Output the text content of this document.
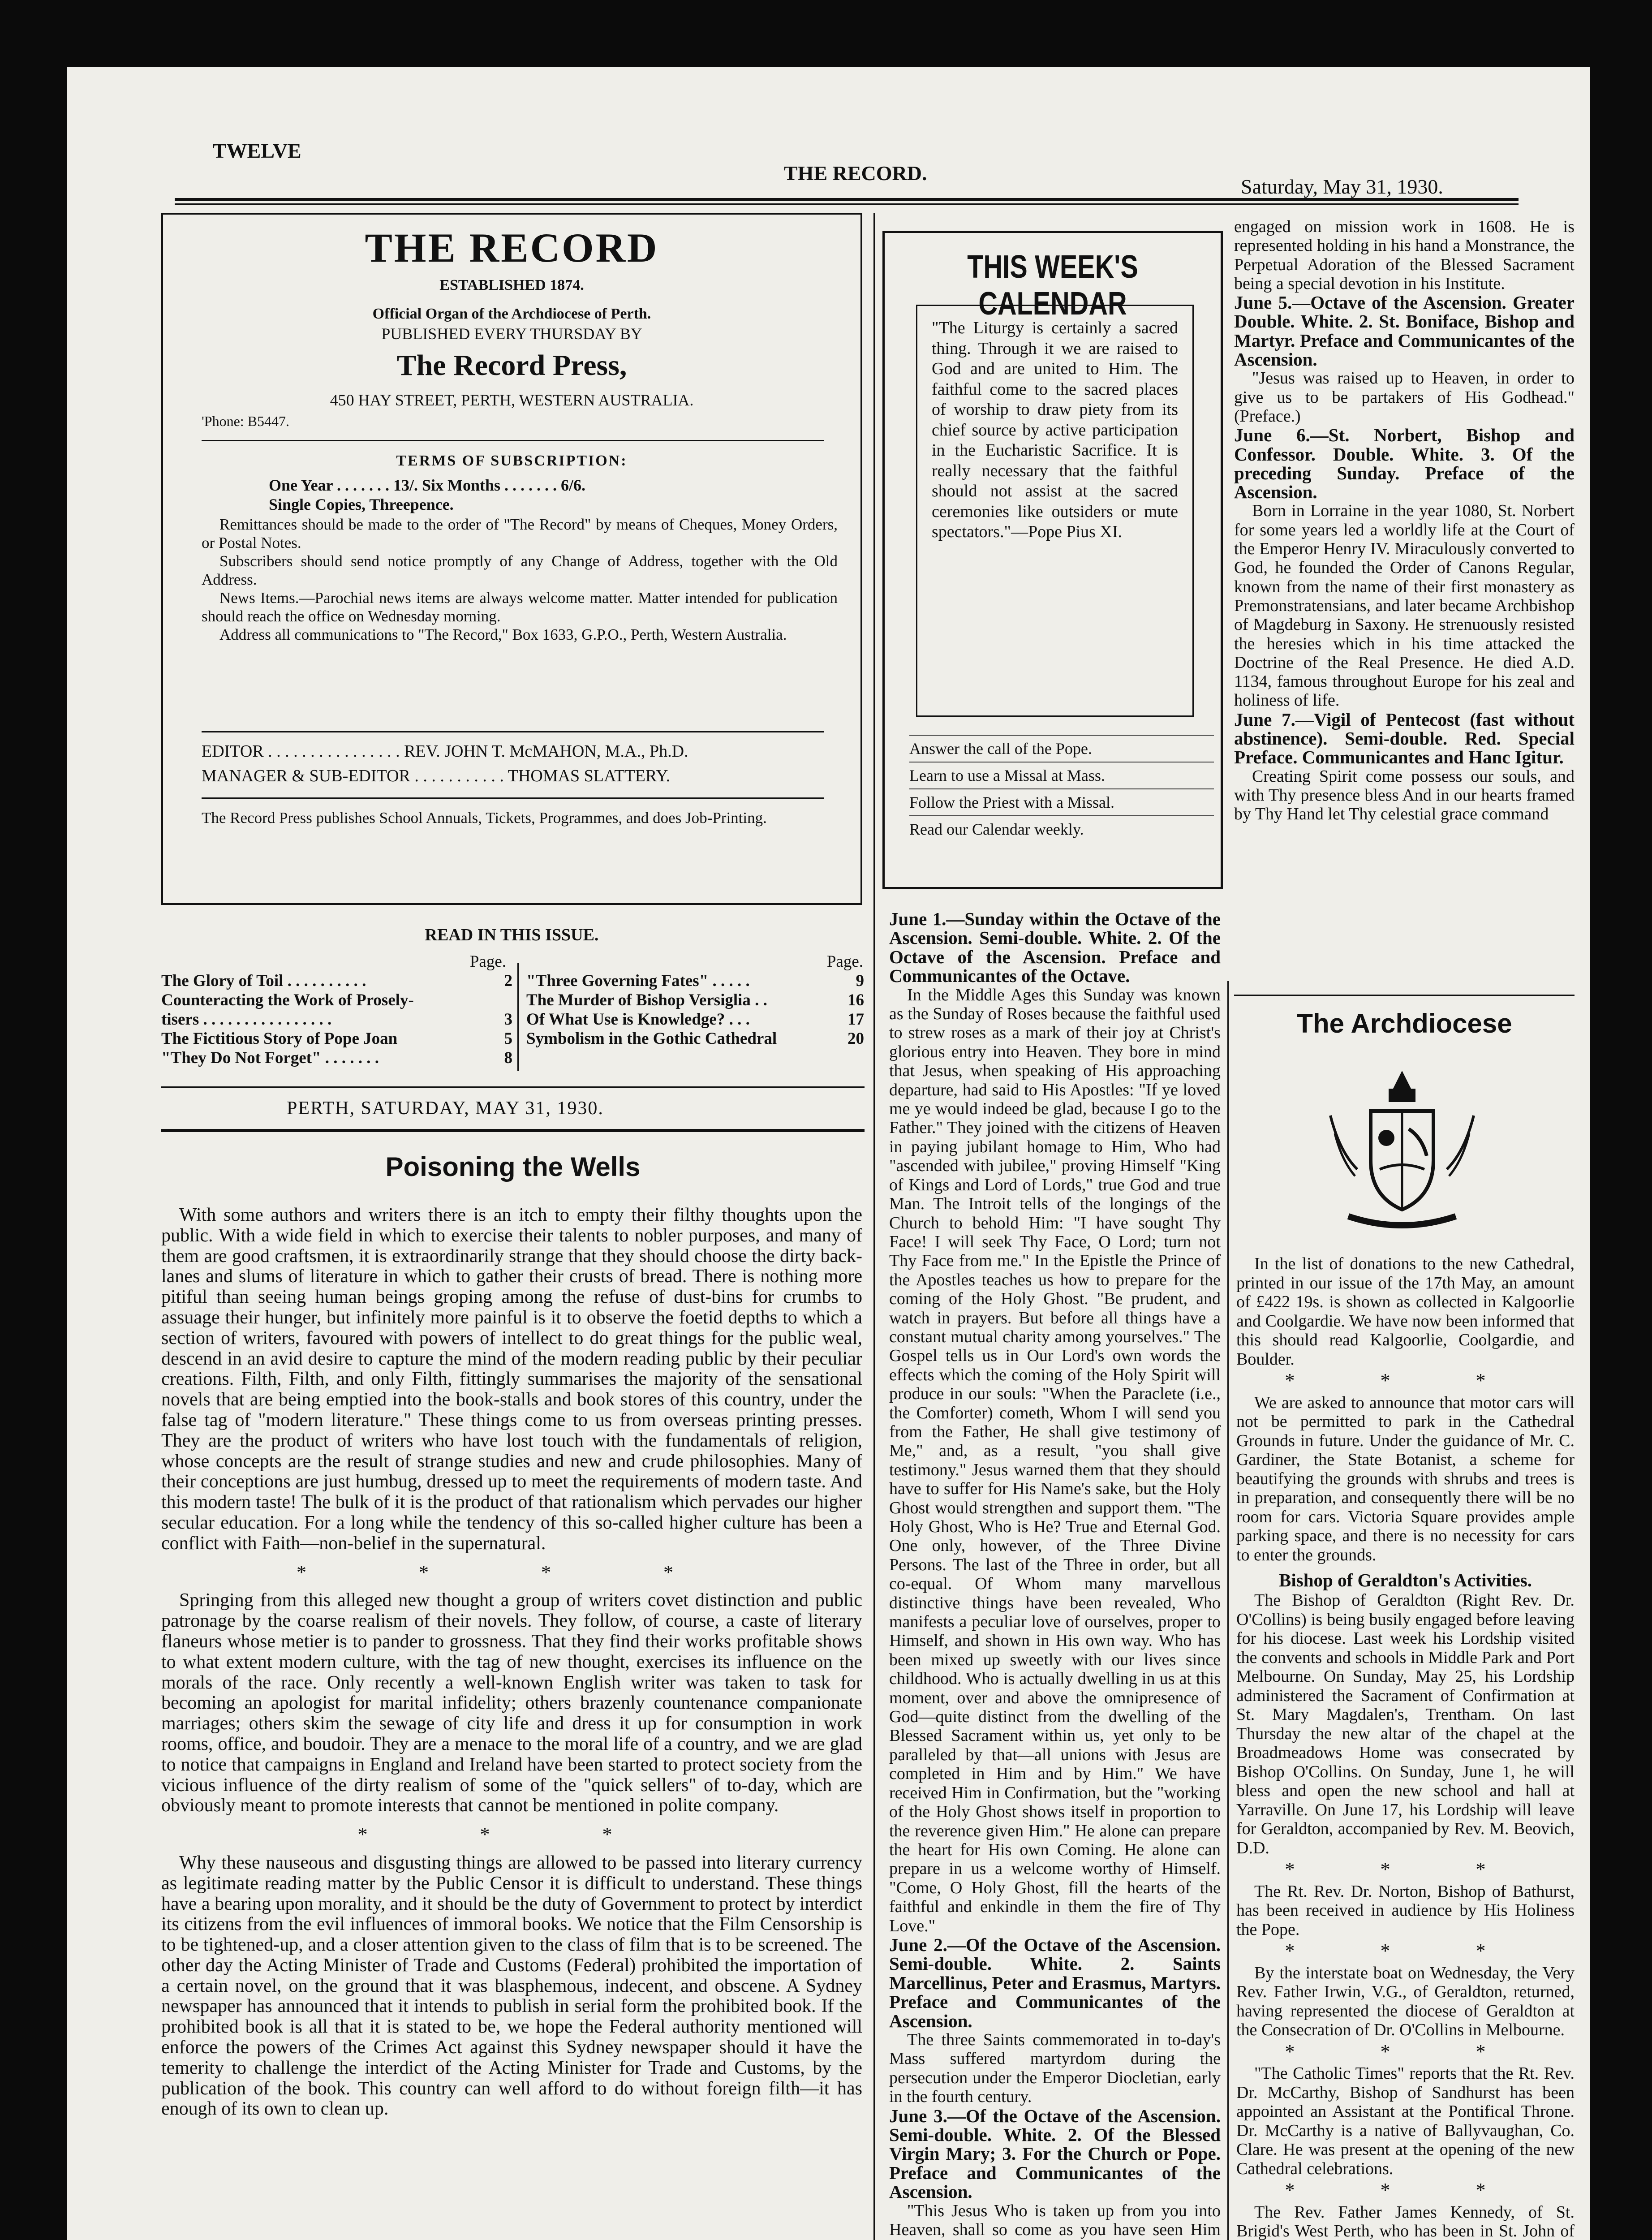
TWELVE
THE RECORD.
Saturday, May 31, 1930.
THE RECORD
ESTABLISHED 1874.
Official Organ of the Archdiocese of Perth.
PUBLISHED EVERY THURSDAY BY
The Record Press,
450 HAY STREET, PERTH, WESTERN AUSTRALIA.
'Phone: B5447.
TERMS OF SUBSCRIPTION:
One Year . . . . . . . 13/. Six Months . . . . . . . 6/6.
Single Copies, Threepence.

Remittances should be made to the order of "The Record" by means of Cheques, Money Orders, or Postal Notes.

Subscribers should send notice promptly of any Change of Address, together with the Old Address.

News Items.—Parochial news items are always welcome matter. Matter intended for publication should reach the office on Wednesday morning.

Address all communications to "The Record," Box 1633, G.P.O., Perth, Western Australia.

EDITOR . . . . . . . . . . . . . . . . REV. JOHN T. McMAHON, M.A., Ph.D.
MANAGER & SUB-EDITOR . . . . . . . . . . . THOMAS SLATTERY.
The Record Press publishes School Annuals, Tickets, Programmes, and does Job-Printing.
READ IN THIS ISSUE.
Page.
The Glory of Toil . . . . . . . . . .	2
Counteracting the Work of Prosely-	
tisers . . . . . . . . . . . . . . . .	3
The Fictitious Story of Pope Joan	5
"They Do Not Forget" . . . . . . .	8
Page.
"Three Governing Fates" . . . . .	9
The Murder of Bishop Versiglia . .	16
Of What Use is Knowledge? . . .	17
Symbolism in the Gothic Cathedral	20
PERTH, SATURDAY, MAY 31, 1930.
Poisoning the Wells

With some authors and writers there is an itch to empty their filthy thoughts upon the public. With a wide field in which to exercise their talents to nobler purposes, and many of them are good craftsmen, it is extraordinarily strange that they should choose the dirty back-lanes and slums of literature in which to gather their crusts of bread. There is nothing more pitiful than seeing human beings groping among the refuse of dust-bins for crumbs to assuage their hunger, but infinitely more painful is it to observe the foetid depths to which a section of writers, favoured with powers of intellect to do great things for the public weal, descend in an avid desire to capture the mind of the modern reading public by their peculiar creations. Filth, Filth, and only Filth, fittingly summarises the majority of the sensational novels that are being emptied into the book-stalls and book stores of this country, under the false tag of "modern literature." These things come to us from overseas printing presses. They are the product of writers who have lost touch with the fundamentals of religion, whose concepts are the result of strange studies and new and crude philosophies. Many of their conceptions are just humbug, dressed up to meet the requirements of modern taste. And this modern taste! The bulk of it is the product of that rationalism which pervades our higher secular education. For a long while the tendency of this so-called higher culture has been a conflict with Faith—non-belief in the supernatural.

* * * *

Springing from this alleged new thought a group of writers covet distinction and public patronage by the coarse realism of their novels. They follow, of course, a caste of literary flaneurs whose metier is to pander to grossness. That they find their works profitable shows to what extent modern culture, with the tag of new thought, exercises its influence on the morals of the race. Only recently a well-known English writer was taken to task for becoming an apologist for marital infidelity; others brazenly countenance companionate marriages; others skim the sewage of city life and dress it up for consumption in work rooms, office, and boudoir. They are a menace to the moral life of a country, and we are glad to notice that campaigns in England and Ireland have been started to protect society from the vicious influence of the dirty realism of some of the "quick sellers" of to-day, which are obviously meant to promote interests that cannot be mentioned in polite company.

* * *

Why these nauseous and disgusting things are allowed to be passed into literary currency as legitimate reading matter by the Public Censor it is difficult to understand. These things have a bearing upon morality, and it should be the duty of Government to protect by interdict its citizens from the evil influences of immoral books. We notice that the Film Censorship is to be tightened-up, and a closer attention given to the class of film that is to be screened. The other day the Acting Minister of Trade and Customs (Federal) prohibited the importation of a certain novel, on the ground that it was blasphemous, indecent, and obscene. A Sydney newspaper has announced that it intends to publish in serial form the prohibited book. If the prohibited book is all that it is stated to be, we hope the Federal authority mentioned will enforce the powers of the Crimes Act against this Sydney newspaper should it have the temerity to challenge the interdict of the Acting Minister for Trade and Customs, by the publication of the book. This country can well afford to do without foreign filth—it has enough of its own to clean up.

THIS WEEK'S CALENDAR
"The Liturgy is certainly a sacred thing. Through it we are raised to God and are united to Him. The faithful come to the sacred places of worship to draw piety from its chief source by active participation in the Eucharistic Sacrifice. It is really necessary that the faithful should not assist at the sacred ceremonies like outsiders or mute spectators."—Pope Pius XI.
Answer the call of the Pope.
Learn to use a Missal at Mass.
Follow the Priest with a Missal.
Read our Calendar weekly.
June 1.—Sunday within the Octave of the Ascension. Semi-double. White. 2. Of the Octave of the Ascension. Preface and Communicantes of the Octave.

In the Middle Ages this Sunday was known as the Sunday of Roses because the faithful used to strew roses as a mark of their joy at Christ's glorious entry into Heaven. They bore in mind that Jesus, when speaking of His approaching departure, had said to His Apostles: "If ye loved me ye would indeed be glad, because I go to the Father." They joined with the citizens of Heaven in paying jubilant homage to Him, Who had "ascended with jubilee," proving Himself "King of Kings and Lord of Lords," true God and true Man. The Introit tells of the longings of the Church to behold Him: "I have sought Thy Face! I will seek Thy Face, O Lord; turn not Thy Face from me." In the Epistle the Prince of the Apostles teaches us how to prepare for the coming of the Holy Ghost. "Be prudent, and watch in prayers. But before all things have a constant mutual charity among yourselves." The Gospel tells us in Our Lord's own words the effects which the coming of the Holy Spirit will produce in our souls: "When the Paraclete (i.e., the Comforter) cometh, Whom I will send you from the Father, He shall give testimony of Me," and, as a result, "you shall give testimony." Jesus warned them that they should have to suffer for His Name's sake, but the Holy Ghost would strengthen and support them. "The Holy Ghost, Who is He? True and Eternal God. One only, however, of the Three Divine Persons. The last of the Three in order, but all co-equal. Of Whom many marvellous distinctive things have been revealed, Who manifests a peculiar love of ourselves, proper to Himself, and shown in His own way. Who has been mixed up sweetly with our lives since childhood. Who is actually dwelling in us at this moment, over and above the omnipresence of God—quite distinct from the dwelling of the Blessed Sacrament within us, yet only to be paralleled by that—all unions with Jesus are completed in Him and by Him." We have received Him in Confirmation, but the "working of the Holy Ghost shows itself in proportion to the reverence given Him." He alone can prepare the heart for His own Coming. He alone can prepare in us a welcome worthy of Himself. "Come, O Holy Ghost, fill the hearts of the faithful and enkindle in them the fire of Thy Love."

June 2.—Of the Octave of the Ascension. Semi-double. White. 2. Saints Marcellinus, Peter and Erasmus, Martyrs. Preface and Communicantes of the Ascension.

The three Saints commemorated in to-day's Mass suffered martyrdom during the persecution under the Emperor Diocletian, early in the fourth century.

June 3.—Of the Octave of the Ascension. Semi-double. White. 2. Of the Blessed Virgin Mary; 3. For the Church or Pope. Preface and Communicantes of the Ascension.

"This Jesus Who is taken up from you into Heaven, shall so come as you have seen Him

engaged on mission work in 1608. He is represented holding in his hand a Monstrance, the Perpetual Adoration of the Blessed Sacrament being a special devotion in his Institute.
June 5.—Octave of the Ascension. Greater Double. White. 2. St. Boniface, Bishop and Martyr. Preface and Communicantes of the Ascension.

"Jesus was raised up to Heaven, in order to give us to be partakers of His Godhead." (Preface.)

June 6.—St. Norbert, Bishop and Confessor. Double. White. 3. Of the preceding Sunday. Preface of the Ascension.

Born in Lorraine in the year 1080, St. Norbert for some years led a worldly life at the Court of the Emperor Henry IV. Miraculously converted to God, he founded the Order of Canons Regular, known from the name of their first monastery as Premonstratensians, and later became Archbishop of Magdeburg in Saxony. He strenuously resisted the heresies which in his time attacked the Doctrine of the Real Presence. He died A.D. 1134, famous throughout Europe for his zeal and holiness of life.

June 7.—Vigil of Pentecost (fast without abstinence). Semi-double. Red. Special Preface. Communicantes and Hanc Igitur.

Creating Spirit come possess our souls, and with Thy presence bless And in our hearts framed by Thy Hand let Thy celestial grace command

The Archdiocese

In the list of donations to the new Cathedral, printed in our issue of the 17th May, an amount of £422 19s. is shown as collected in Kalgoorlie and Coolgardie. We have now been informed that this should read Kalgoorlie, Coolgardie, and Boulder.

* * *

We are asked to announce that motor cars will not be permitted to park in the Cathedral Grounds in future. Under the guidance of Mr. C. Gardiner, the State Botanist, a scheme for beautifying the grounds with shrubs and trees is in preparation, and consequently there will be no room for cars. Victoria Square provides ample parking space, and there is no necessity for cars to enter the grounds.

Bishop of Geraldton's Activities.

The Bishop of Geraldton (Right Rev. Dr. O'Collins) is being busily engaged before leaving for his diocese. Last week his Lordship visited the convents and schools in Middle Park and Port Melbourne. On Sunday, May 25, his Lordship administered the Sacrament of Confirmation at St. Mary Magdalen's, Trentham. On last Thursday the new altar of the chapel at the Broadmeadows Home was consecrated by Bishop O'Collins. On Sunday, June 1, he will bless and open the new school and hall at Yarraville. On June 17, his Lordship will leave for Geraldton, accompanied by Rev. M. Beovich, D.D.

* * *

The Rt. Rev. Dr. Norton, Bishop of Bathurst, has been received in audience by His Holiness the Pope.

* * *

By the interstate boat on Wednesday, the Very Rev. Father Irwin, V.G., of Geraldton, returned, having represented the diocese of Geraldton at the Consecration of Dr. O'Collins in Melbourne.

* * *

"The Catholic Times" reports that the Rt. Rev. Dr. McCarthy, Bishop of Sandhurst has been appointed an Assistant at the Pontifical Throne. Dr. McCarthy is a native of Ballyvaughan, Co. Clare. He was present at the opening of the new Cathedral celebrations.

* * *

The Rev. Father James Kennedy, of St. Brigid's West Perth, who has been in St. John of
